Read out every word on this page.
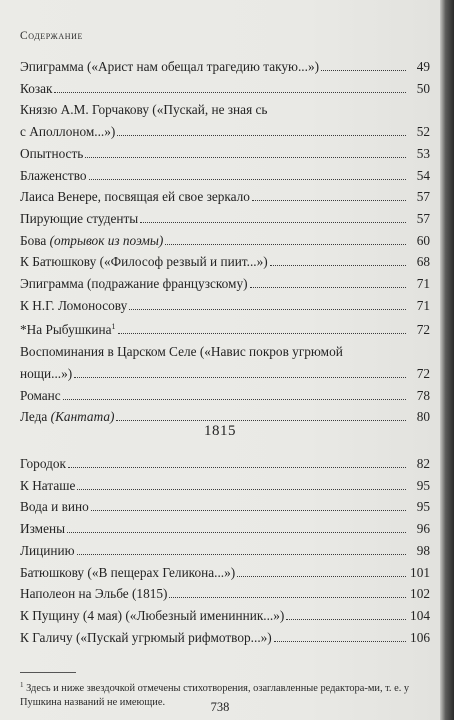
Содержание
Эпиграмма («Арист нам обещал трагедию такую...»)	49
Козак	50
Князю А.М. Горчакову («Пускай, не зная сь
с Аполлоном...»)	52
Опытность	53
Блаженство	54
Лаиса Венере, посвящая ей свое зеркало	57
Пирующие студенты	57
Бова (отрывок из поэмы)	60
К Батюшкову («Философ резвый и пиит...»)	68
Эпиграмма (подражание французскому)	71
К Н.Г. Ломоносову	71
*На Рыбушкина$^1$	72
Воспоминания в Царском Селе («Навис покров угрюмой
нощи...»)	72
Романс	78
Леда (Кантата)	80
1815
Городок	82
К Наташе	95
Вода и вино	95
Измены	96
Лицинию	98
Батюшкову («В пещерах Геликона...»)	101
Наполеон на Эльбе (1815)	102
К Пущину (4 мая) («Любезный именинник...»)	104
К Галичу («Пускай угрюмый рифмотвор...»)	106
$^1$ Здесь и ниже звездочкой отмечены стихотворения, озаглавленные редактора-ми, т. е. у Пушкина названий не имеющие.	738
